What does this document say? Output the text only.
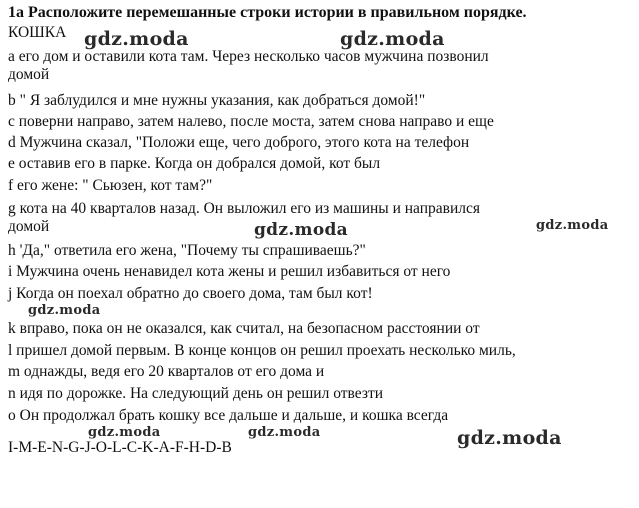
1а Расположите перемешанные строки истории в правильном порядке.
КОШКА
а его дом и оставили кота там. Через несколько часов мужчина позвонил
домой
b " Я заблудился и мне нужны указания, как добраться домой!"
c поверни направо, затем налево, после моста, затем снова направо и еще
d Мужчина сказал, "Положи еще, чего доброго, этого кота на телефон
e оставив его в парке. Когда он добрался домой, кот был
f его жене: " Сьюзен, кот там?"
g кота на 40 кварталов назад. Он выложил его из машины и направился
домой
h 'Да," ответила его жена, "Почему ты спрашиваешь?"
i Мужчина очень ненавидел кота жены и решил избавиться от него
j Когда он поехал обратно до своего дома, там был кот!
k вправо, пока он не оказался, как считал, на безопасном расстоянии от
l пришел домой первым. В конце концов он решил проехать несколько миль,
m однажды, ведя его 20 кварталов от его дома и
n идя по дорожке. На следующий день он решил отвезти
o Он продолжал брать кошку все дальше и дальше, и кошка всегда
I-M-E-N-G-J-O-L-C-K-A-F-H-D-B
gdz.moda	gdz.moda
gdz.moda	gdz.moda
gdz.moda
gdz.moda	gdz.moda	gdz.moda
